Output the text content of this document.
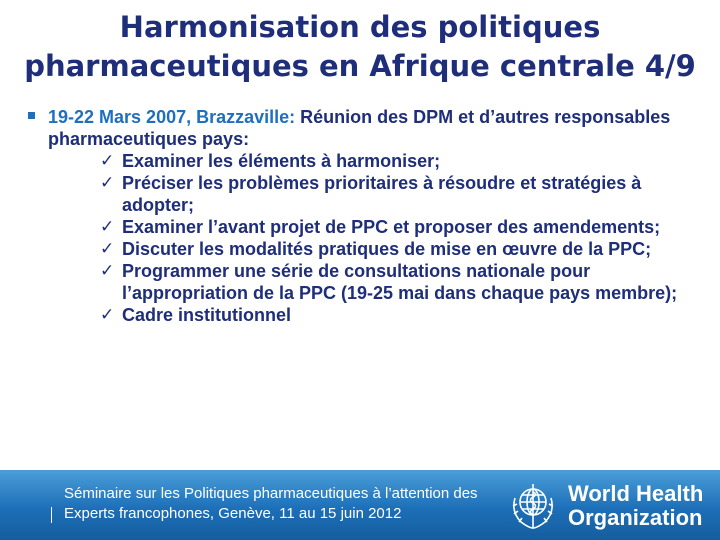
Harmonisation des politiques
pharmaceutiques en Afrique centrale 4/9
19-22 Mars 2007, Brazzaville: Réunion des DPM et d’autres responsables pharmaceutiques pays:
✓ Examiner les éléments à harmoniser;
✓ Préciser les problèmes prioritaires à résoudre et stratégies à adopter;
✓ Examiner l’avant projet de PPC et proposer des amendements;
✓ Discuter les modalités pratiques de mise en œuvre de la PPC;
✓ Programmer une série de consultations nationale pour l’appropriation de la PPC (19-25 mai dans chaque pays membre);
✓ Cadre institutionnel
Séminaire sur les Politiques pharmaceutiques à l’attention des
Experts francophones, Genève, 11 au 15 juin 2012
World Health
Organization
